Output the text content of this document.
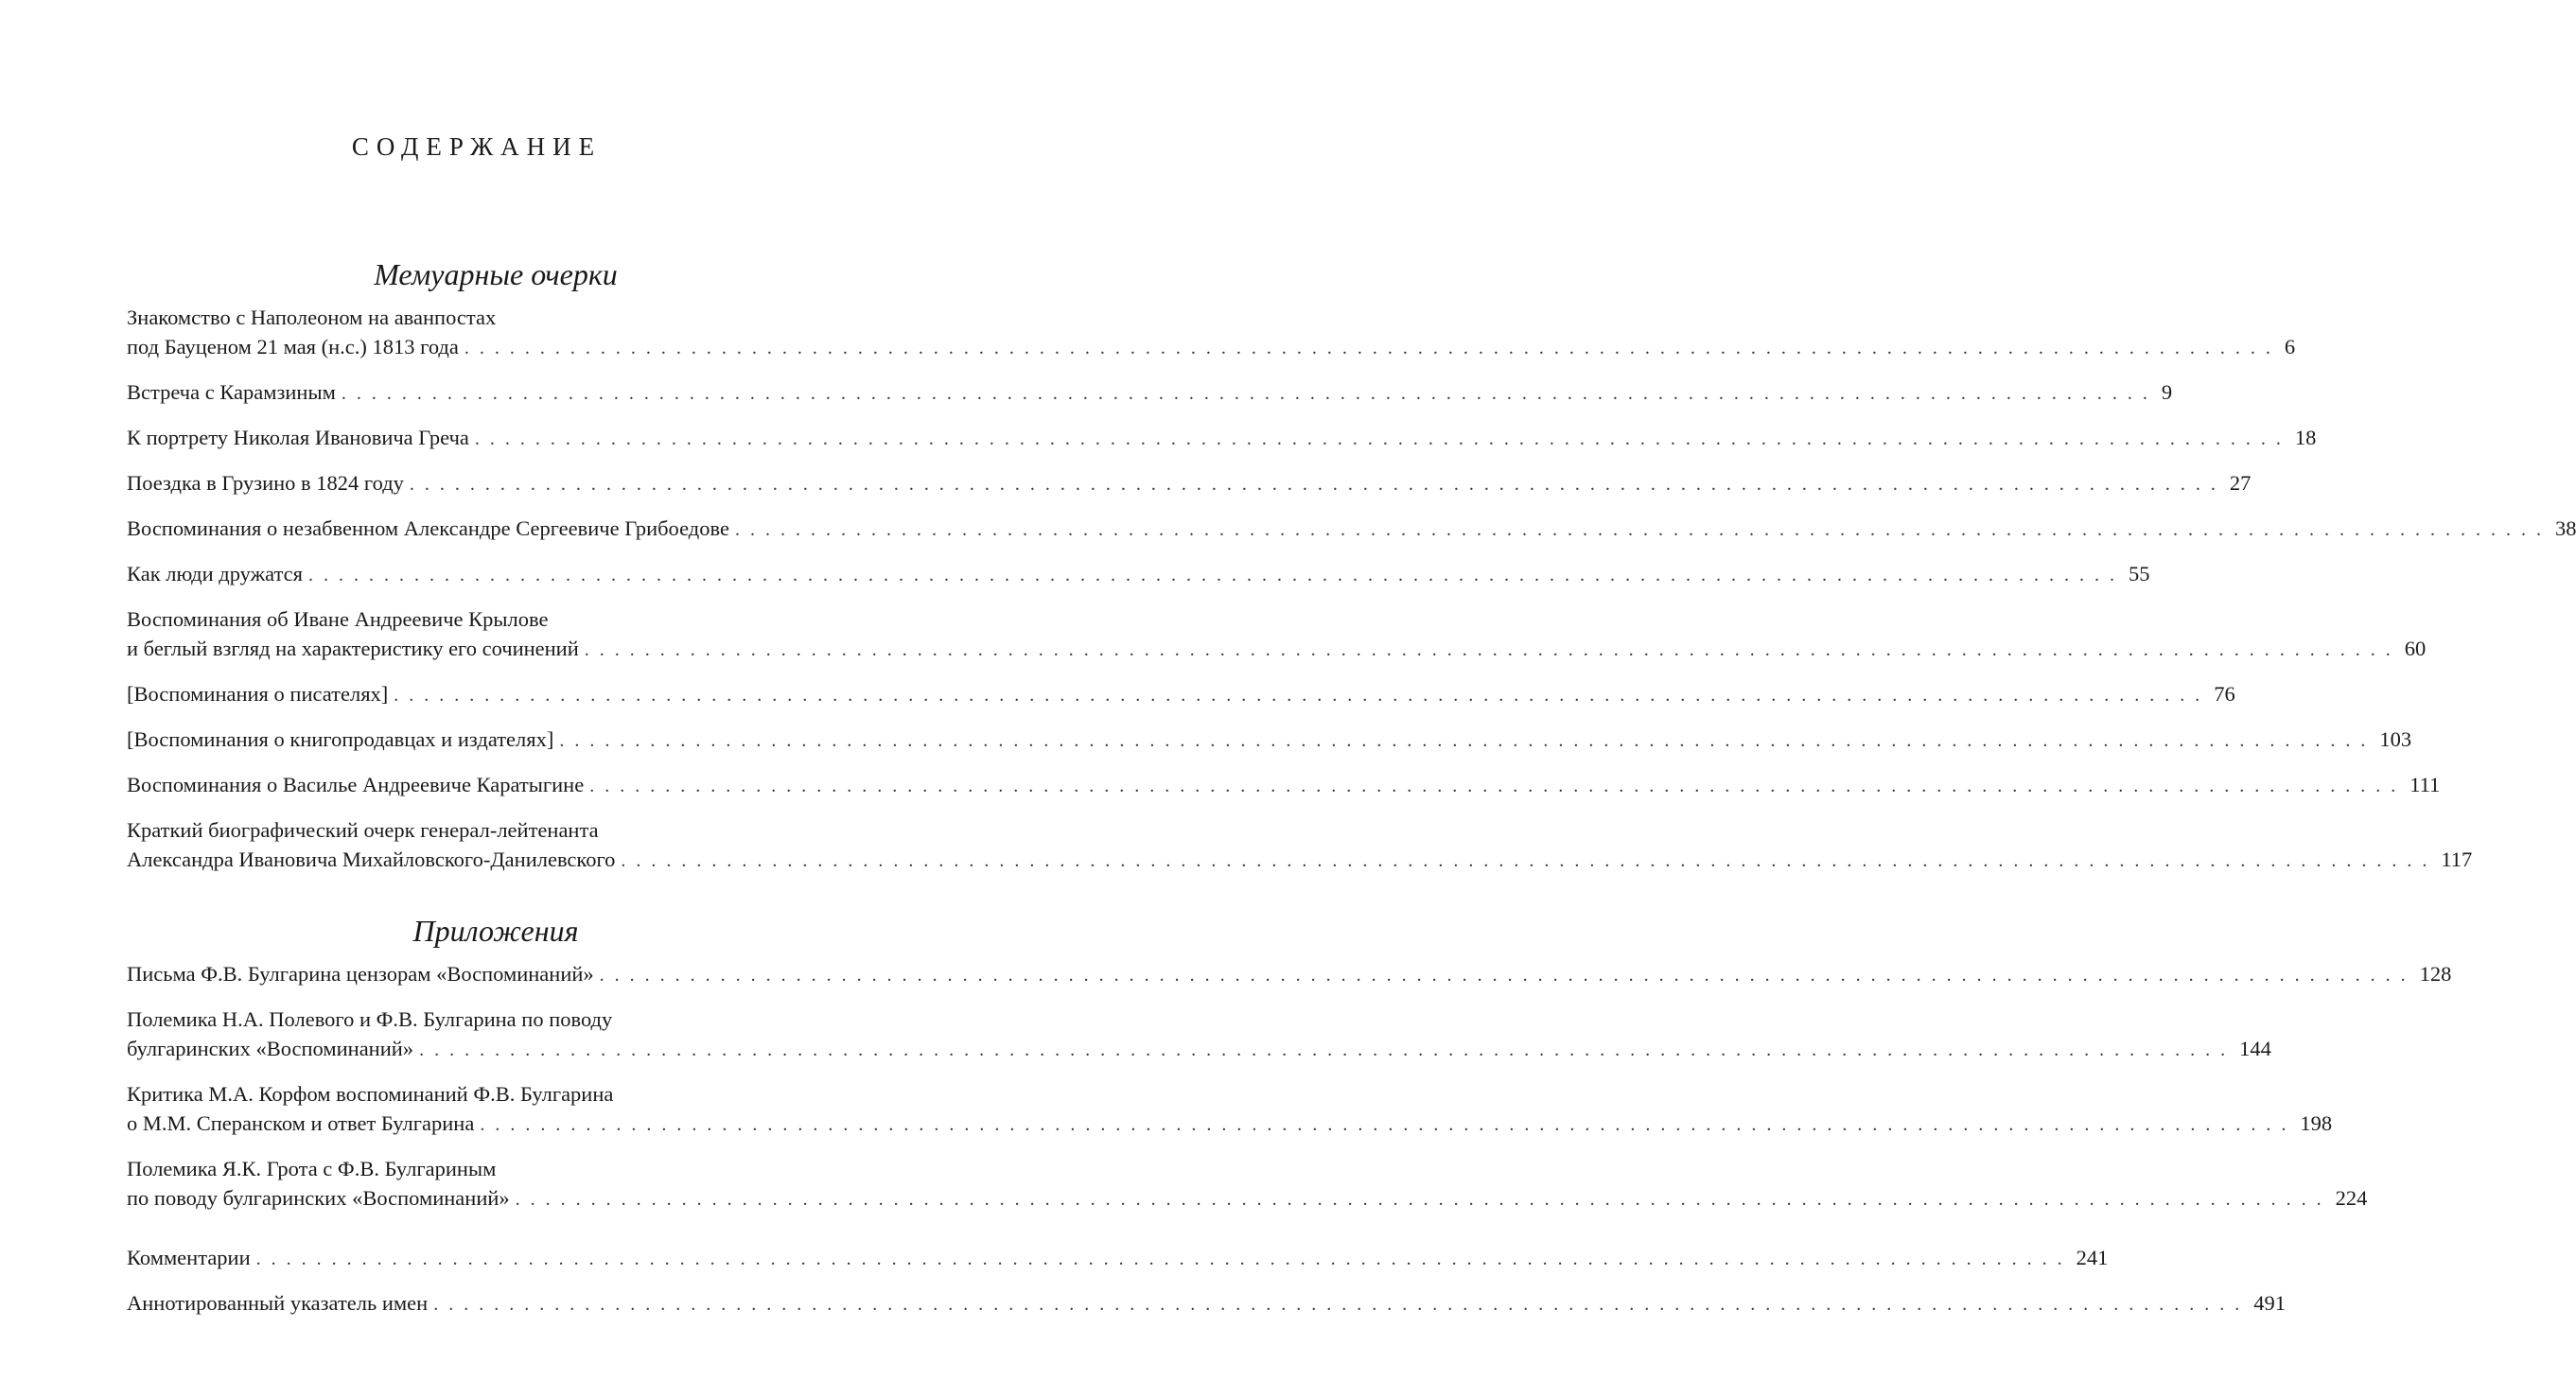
СОДЕРЖАНИЕ
Мемуарные очерки
Знакомство с Наполеоном на аванпостах
под Бауценом 21 мая (н.с.) 1813 года ........................................................................................................................ 6
Встреча с Карамзиным ........................................................................................................................ 9
К портрету Николая Ивановича Греча ........................................................................................................................ 18
Поездка в Грузино в 1824 году ........................................................................................................................ 27
Воспоминания о незабвенном Александре Сергеевиче Грибоедове ........................................................................................................................ 38
Как люди дружатся ........................................................................................................................ 55
Воспоминания об Иване Андреевиче Крылове
и беглый взгляд на характеристику его сочинений ........................................................................................................................ 60
[Воспоминания о писателях] ........................................................................................................................ 76
[Воспоминания о книгопродавцах и издателях] ........................................................................................................................ 103
Воспоминания о Василье Андреевиче Каратыгине ........................................................................................................................ 111
Краткий биографический очерк генерал-лейтенанта
Александра Ивановича Михайловского-Данилевского ........................................................................................................................ 117
Приложения
Письма Ф.В. Булгарина цензорам «Воспоминаний» ........................................................................................................................ 128
Полемика Н.А. Полевого и Ф.В. Булгарина по поводу
булгаринских «Воспоминаний» ........................................................................................................................ 144
Критика М.А. Корфом воспоминаний Ф.В. Булгарина
о М.М. Сперанском и ответ Булгарина ........................................................................................................................ 198
Полемика Я.К. Грота с Ф.В. Булгариным
по поводу булгаринских «Воспоминаний» ........................................................................................................................ 224
Комментарии ........................................................................................................................ 241
Аннотированный указатель имен ........................................................................................................................ 491
